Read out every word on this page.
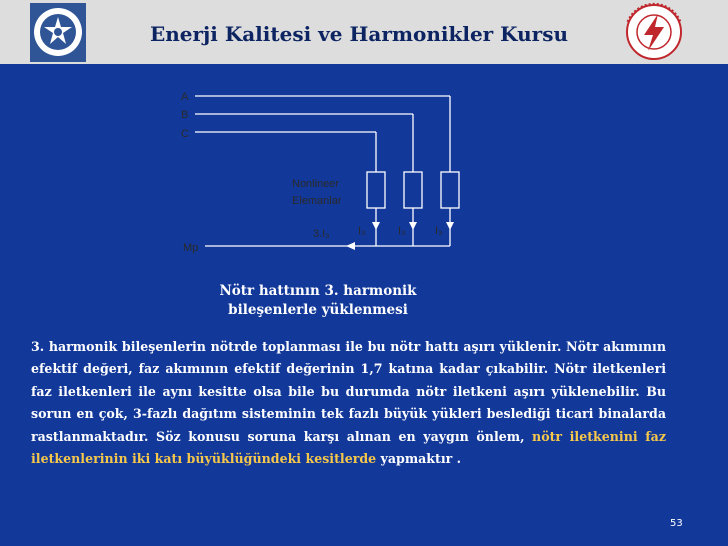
Enerji Kalitesi ve Harmonikler Kursu
A
B
C
Nonlineer
Elemanlar
3.I₃	I₃	I₃	I₃
Mp
Nötr hattının 3. harmonik
bileşenlerle yüklenmesi
3. harmonik bileşenlerin nötrde toplanması ile bu nötr hattı aşırı yüklenir. Nötr akımının efektif değeri, faz akımının efektif değerinin 1,7 katına kadar çıkabilir. Nötr iletkenleri faz iletkenleri ile aynı kesitte olsa bile bu durumda nötr iletkeni aşırı yüklenebilir. Bu sorun en çok, 3-fazlı dağıtım sisteminin tek fazlı büyük yükleri beslediği ticari binalarda rastlanmaktadır. Söz konusu soruna karşı alınan en yaygın önlem, nötr iletkenini faz iletkenlerinin iki katı büyüklüğündeki kesitlerde yapmaktır .
53
